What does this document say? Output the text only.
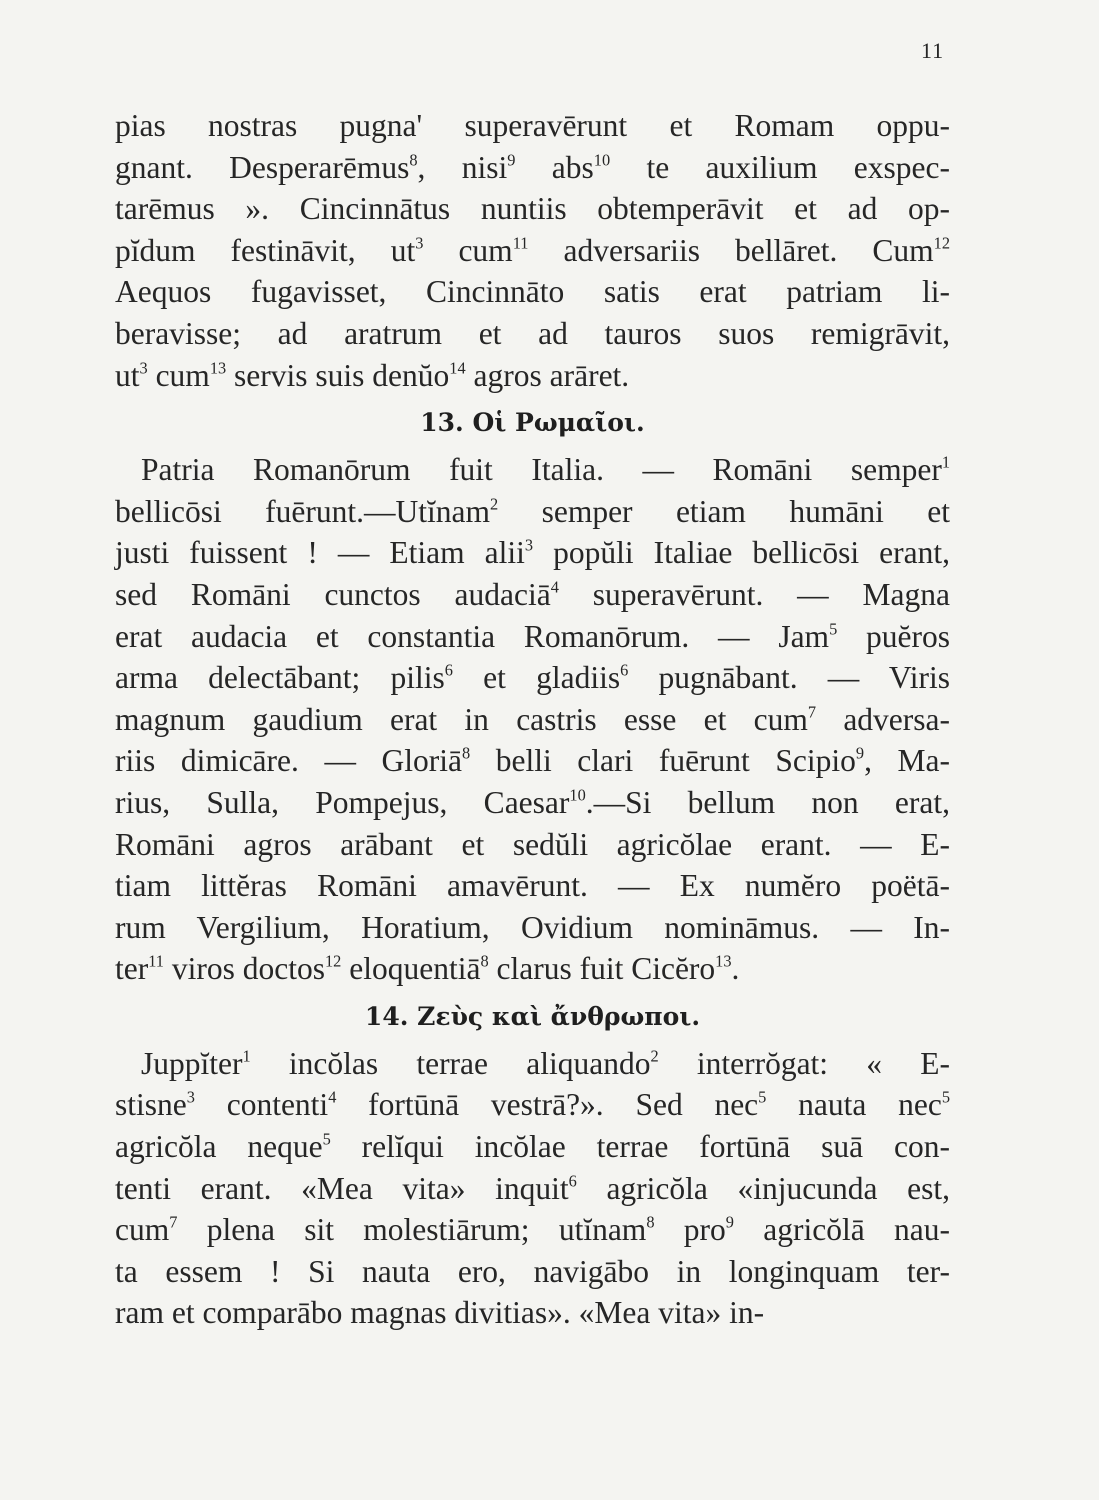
11
pias nostras pugna' superavērunt et Romam oppu-
gnant. Desperarēmus$^8$, nisi$^9$ abs$^{10}$ te auxilium exspec-
tarēmus ». Cincinnātus nuntiis obtemperāvit et ad op-
pĭdum festināvit, $ut^3$ cum$^{11}$ adversariis bellāret. Cum$^{12}$
Aequos fugavisset, Cincinnāto satis erat patriam li-
beravisse; ad aratrum et ad tauros suos remigrāvit,
$ut^3$ cum$^{13}$ servis suis denŭo$^{14}$ agros arāret.
13. Οἱ Ρωμαῖοι.
Patria Romanōrum fuit Italia. — Romāni semper$^1$
bellicōsi fuērunt.—Utĭnam$^2$ semper etiam humāni et
justi fuissent ! — Etiam alii$^3$ popŭli Italiae bellicōsi erant,
sed Romāni cunctos audaciā$^4$ superavērunt. — Magna
erat audacia et constantia Romanōrum. — Jam$^5$ puĕros
arma delectābant; pilis$^6$ et gladiis$^6$ pugnābant. — Viris
magnum gaudium erat in castris esse et cum$^7$ adversa-
riis dimicāre. — Gloriā$^8$ belli clari fuērunt Scipio$^9$, Ma-
rius, Sulla, Pompejus, Caesar$^{10}$.—Si bellum non erat,
Romāni agros arābant et sedŭli agricŏlae erant. — E-
tiam littĕras Romāni amavērunt. — Ex numĕro poëtā-
rum Vergilium, Horatium, Ovidium nomināmus. — In-
ter$^{11}$ viros doctos$^{12}$ eloquentiā$^8$ clarus fuit Cicĕro$^{13}$.
14. Ζεὺς καὶ ἄνθρωποι.
Juppĭter$^1$ incŏlas terrae aliquando$^2$ interrŏgat: « E-
stisne$^3$ contenti$^4$ fortūnā vestrā?». Sed nec$^5$ nauta nec$^5$
agricŏla neque$^5$ relĭqui incŏlae terrae fortūnā suā con-
tenti erant. «Mea vita» inquit$^6$ agricŏla «injucunda est,
cum$^7$ plena sit molestiārum; utĭnam$^8$ pro$^9$ agricŏlā nau-
ta essem ! Si nauta ero, navigābo in longinquam ter-
ram et comparābo magnas divitias». «Mea vita» in-
